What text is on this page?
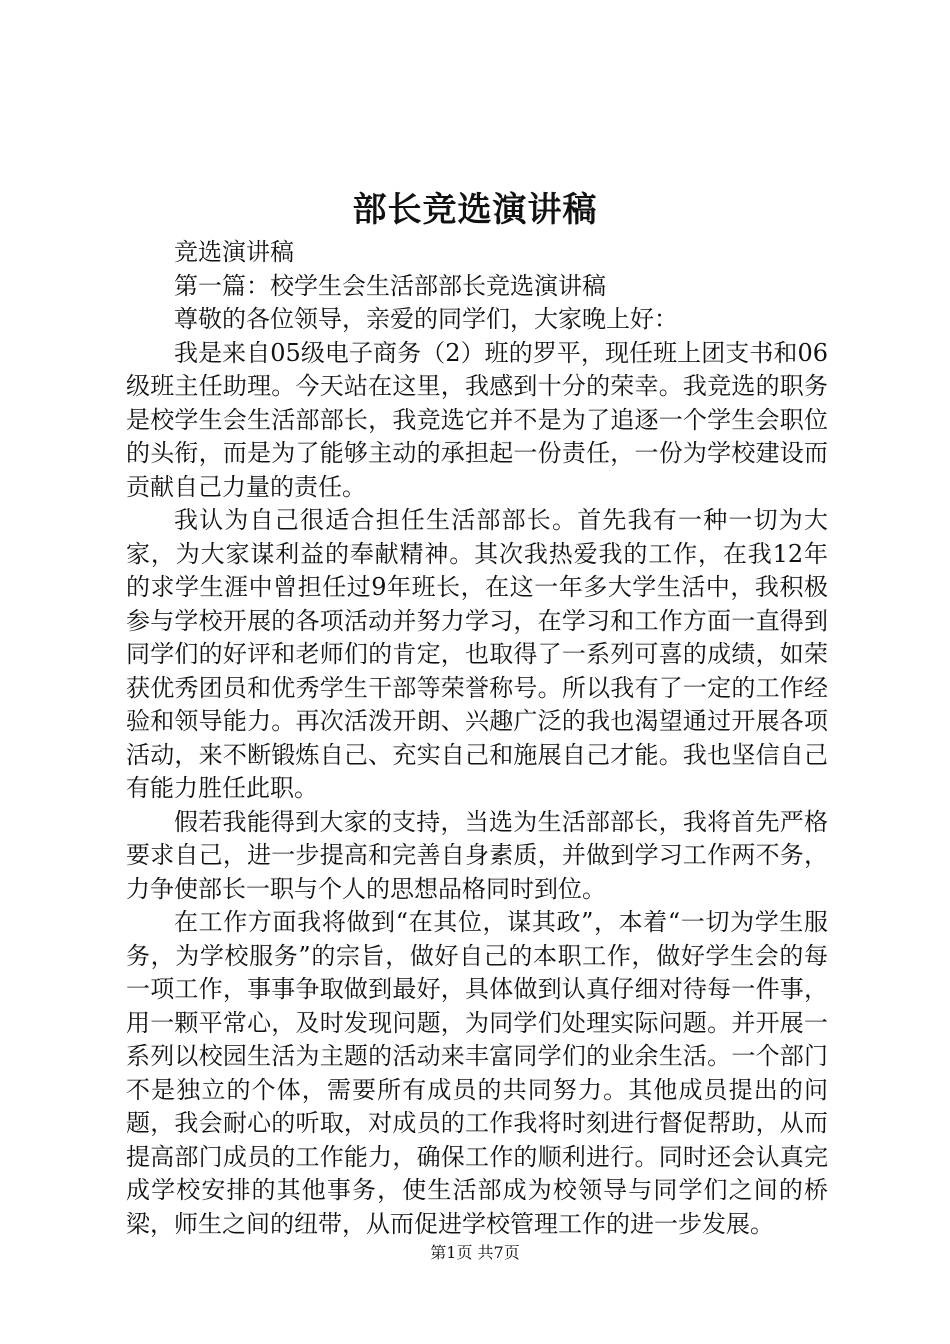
部长竞选演讲稿

竞选演讲稿

第一篇：校学生会生活部部长竞选演讲稿

尊敬的各位领导，亲爱的同学们，大家晚上好：

我是来自05级电子商务（2）班的罗平，现任班上团支书和06级班主任助理。今天站在这里，我感到十分的荣幸。我竞选的职务是校学生会生活部部长，我竞选它并不是为了追逐一个学生会职位的头衔，而是为了能够主动的承担起一份责任，一份为学校建设而贡献自己力量的责任。

我认为自己很适合担任生活部部长。首先我有一种一切为大家，为大家谋利益的奉献精神。其次我热爱我的工作，在我12年的求学生涯中曾担任过9年班长，在这一年多大学生活中，我积极参与学校开展的各项活动并努力学习，在学习和工作方面一直得到同学们的好评和老师们的肯定，也取得了一系列可喜的成绩，如荣获优秀团员和优秀学生干部等荣誉称号。所以我有了一定的工作经验和领导能力。再次活泼开朗、兴趣广泛的我也渴望通过开展各项活动，来不断锻炼自己、充实自己和施展自己才能。我也坚信自己有能力胜任此职。

假若我能得到大家的支持，当选为生活部部长，我将首先严格要求自己，进一步提高和完善自身素质，并做到学习工作两不务，力争使部长一职与个人的思想品格同时到位。

在工作方面我将做到“在其位，谋其政”，本着“一切为学生服务，为学校服务”的宗旨，做好自己的本职工作，做好学生会的每一项工作，事事争取做到最好，具体做到认真仔细对待每一件事，用一颗平常心，及时发现问题，为同学们处理实际问题。并开展一系列以校园生活为主题的活动来丰富同学们的业余生活。一个部门不是独立的个体，需要所有成员的共同努力。其他成员提出的问题，我会耐心的听取，对成员的工作我将时刻进行督促帮助，从而提高部门成员的工作能力，确保工作的顺利进行。同时还会认真完成学校安排的其他事务，使生活部成为校领导与同学们之间的桥梁，师生之间的纽带，从而促进学校管理工作的进一步发展。

第1页 共7页
